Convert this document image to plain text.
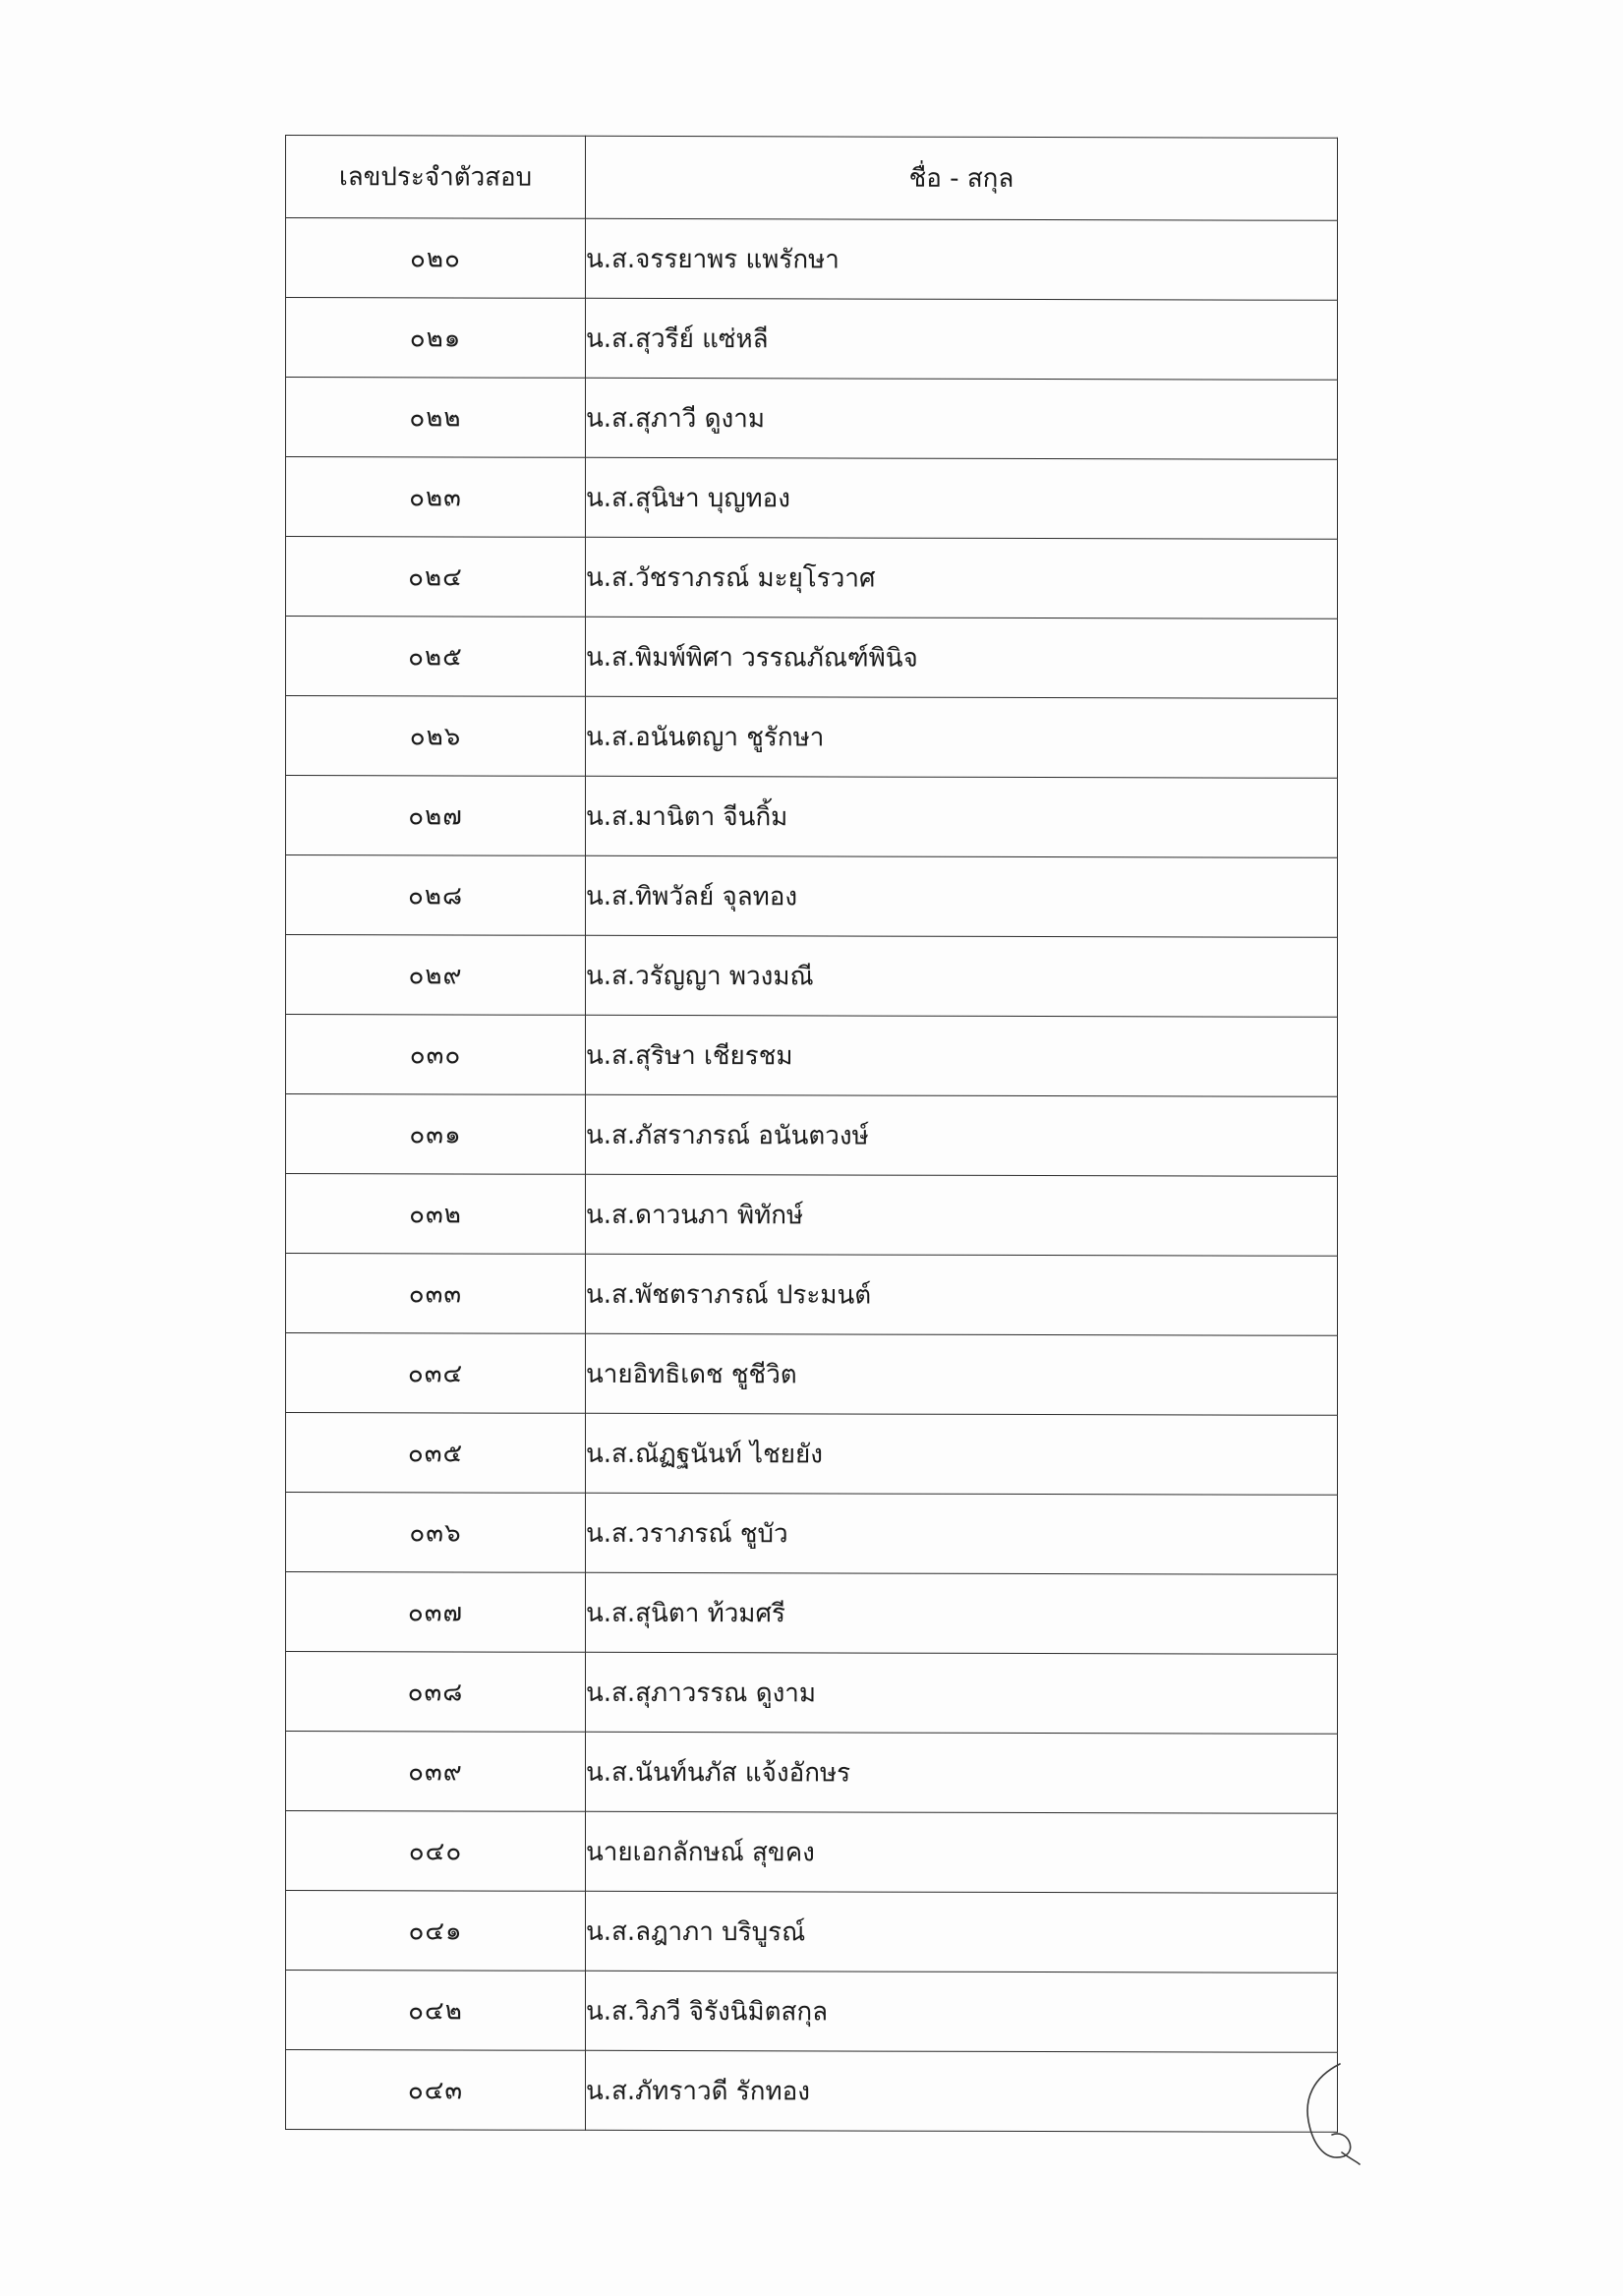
เลขประจำตัวสอบ	ชื่อ - สกุล
๐๒๐	น.ส.จรรยาพร แพรักษา
๐๒๑	น.ส.สุวรีย์ แซ่หลี
๐๒๒	น.ส.สุภาวี ดูงาม
๐๒๓	น.ส.สุนิษา บุญทอง
๐๒๔	น.ส.วัชราภรณ์ มะยุโรวาศ
๐๒๕	น.ส.พิมพ์พิศา วรรณภัณฑ์พินิจ
๐๒๖	น.ส.อนันตญา ชูรักษา
๐๒๗	น.ส.มานิตา จีนกิ้ม
๐๒๘	น.ส.ทิพวัลย์ จุลทอง
๐๒๙	น.ส.วรัญญา พวงมณี
๐๓๐	น.ส.สุริษา เชียรชม
๐๓๑	น.ส.ภัสราภรณ์ อนันตวงษ์
๐๓๒	น.ส.ดาวนภา พิทักษ์
๐๓๓	น.ส.พัชตราภรณ์ ประมนต์
๐๓๔	นายอิทธิเดช ชูชีวิต
๐๓๕	น.ส.ณัฏฐนันท์ ไชยยัง
๐๓๖	น.ส.วราภรณ์ ชูบัว
๐๓๗	น.ส.สุนิตา ท้วมศรี
๐๓๘	น.ส.สุภาวรรณ ดูงาม
๐๓๙	น.ส.นันท์นภัส แจ้งอักษร
๐๔๐	นายเอกลักษณ์ สุขคง
๐๔๑	น.ส.ลฎาภา บริบูรณ์
๐๔๒	น.ส.วิภวี จิรังนิมิตสกุล
๐๔๓	น.ส.ภัทราวดี รักทอง
